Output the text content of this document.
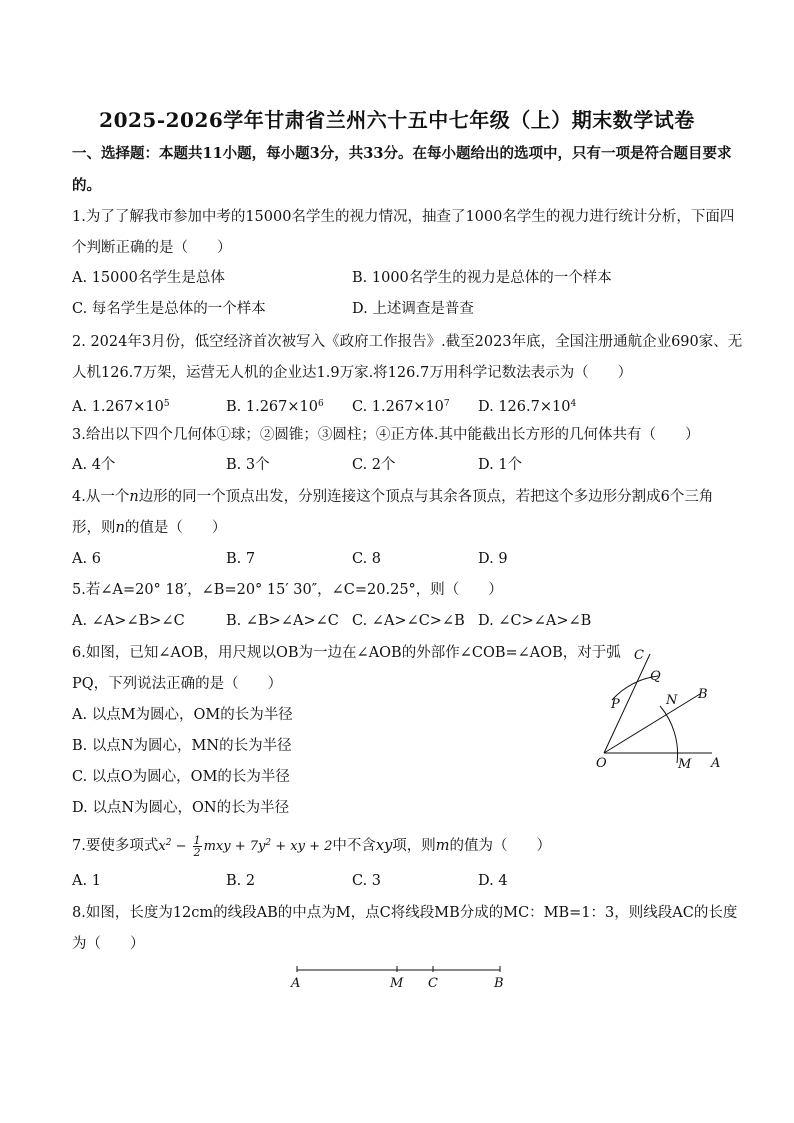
2025-2026学年甘肃省兰州六十五中七年级（上）期末数学试卷
一、选择题：本题共11小题，每小题3分，共33分。在每小题给出的选项中，只有一项是符合题目要求
的。
1.为了了解我市参加中考的15000名学生的视力情况，抽查了1000名学生的视力进行统计分析，下面四
个判断正确的是（　　）
A. 15000名学生是总体	B. 1000名学生的视力是总体的一个样本
C. 每名学生是总体的一个样本	D. 上述调查是普查
2. 2024年3月份，低空经济首次被写入《政府工作报告》.截至2023年底，全国注册通航企业690家、无
人机126.7万架，运营无人机的企业达1.9万家.将126.7万用科学记数法表示为（　　）
A. $1.267\times 10^5$	B. $1.267\times 10^6$ C. $1.267\times 10^7$ D. $126.7\times 10^4$
3.给出以下四个几何体①球；②圆锥；③圆柱；④正方体.其中能截出长方形的几何体共有（　　）
A. 4个	B. 3个	C. 2个	D. 1个
4.从一个n边形的同一个顶点出发，分别连接这个顶点与其余各顶点，若把这个多边形分割成6个三角
形，则n的值是（　　）
A. 6	B. 7	C. 8	D. 9
5.若∠A=20° 18′，∠B=20° 15′ 30″，∠C=20.25°，则（　　）
A. ∠A>∠B>∠C	B. ∠B>∠A>∠C C. ∠A>∠C>∠B D. ∠C>∠A>∠B
6.如图，已知∠AOB，用尺规以OB为一边在∠AOB的外部作∠COB=∠AOB，对于弧
PQ，下列说法正确的是（　　）
A. 以点M为圆心，OM的长为半径
B. 以点N为圆心，MN的长为半径
C. 以点O为圆心，OM的长为半径
D. 以点N为圆心，ON的长为半径
C
Q
P	N B
O	M A
7.要使多项式$x^2 - \frac{1}{2}$ mxy + $7y^2$ + xy + 2中不含xy项，则m的值为（　　）
A. 1	B. 2	C. 3	D. 4
8.如图，长度为12cm的线段AB的中点为M，点C将线段MB分成的MC：MB=1：3，则线段AC的长度
为（　　）
A	M C	B
